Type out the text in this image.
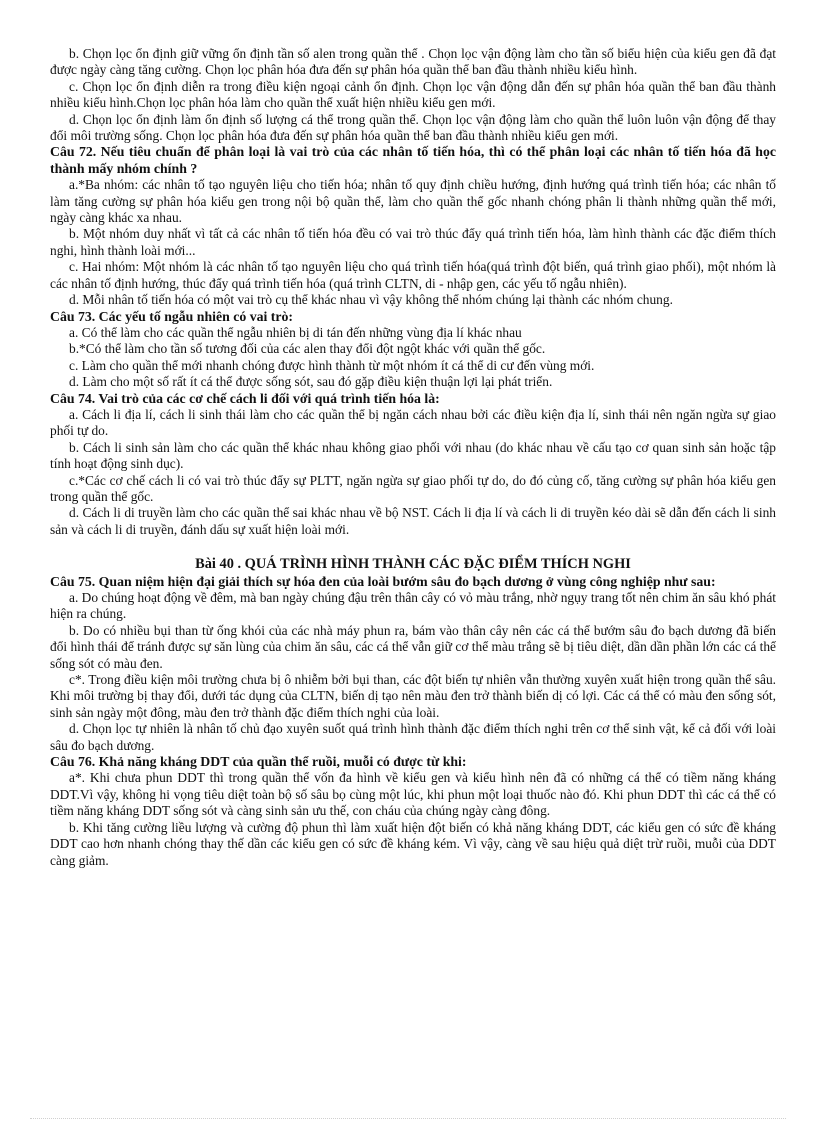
b. Chọn lọc ổn định giữ vững ổn định tần số alen trong quần thể . Chọn lọc vận động làm cho tần số biểu hiện của kiểu gen đã đạt được ngày càng tăng cường. Chọn lọc phân hóa đưa đến sự phân hóa quần thể ban đầu thành nhiều kiểu hình.

c. Chọn lọc ổn định diễn ra trong điều kiện ngoại cảnh ổn định. Chọn lọc vận động dẫn đến sự phân hóa quần thể ban đầu thành nhiều kiểu hình.Chọn lọc phân hóa làm cho quần thể xuất hiện nhiều kiểu gen mới.

d. Chọn lọc ổn định làm ổn định số lượng cá thể trong quần thể. Chọn lọc vận động làm cho quần thể luôn luôn vận động để thay đổi môi trường sống. Chọn lọc phân hóa đưa đến sự phân hóa quần thể ban đầu thành nhiều kiểu gen mới.

Câu 72. Nếu tiêu chuẩn để phân loại là vai trò của các nhân tố tiến hóa, thì có thể phân loại các nhân tố tiến hóa đã học thành mấy nhóm chính ?

a.*Ba nhóm: các nhân tố tạo nguyên liệu cho tiến hóa; nhân tố quy định chiều hướng, định hướng quá trình tiến hóa; các nhân tố làm tăng cường sự phân hóa kiểu gen trong nội bộ quần thể, làm cho quần thể gốc nhanh chóng phân li thành những quần thể mới, ngày càng khác xa nhau.

b. Một nhóm duy nhất vì tất cả các nhân tố tiến hóa đều có vai trò thúc đẩy quá trình tiến hóa, làm hình thành các đặc điểm thích nghi, hình thành loài mới...

c. Hai nhóm: Một nhóm là các nhân tố tạo nguyên liệu cho quá trình tiến hóa(quá trình đột biến, quá trình giao phối), một nhóm là các nhân tố định hướng, thúc đẩy quá trình tiến hóa (quá trình CLTN, di - nhập gen, các yếu tố ngẫu nhiên).

d. Mỗi nhân tố tiến hóa có một vai trò cụ thể khác nhau vì vậy không thể nhóm chúng lại thành các nhóm chung.

Câu 73. Các yếu tố ngẫu nhiên có vai trò:

a. Có thể làm cho các quần thể ngẫu nhiên bị di tán đến những vùng địa lí khác nhau

b.*Có thể làm cho tần số tương đối của các alen thay đổi đột ngột khác với quần thể gốc.

c. Làm cho quần thể mới nhanh chóng được hình thành từ một nhóm ít cá thể di cư đến vùng mới.

d. Làm cho một số rất ít cá thể được sống sót, sau đó gặp điều kiện thuận lợi lại phát triển.

Câu 74. Vai trò của các cơ chế cách li đối với quá trình tiến hóa là:

a. Cách li địa lí, cách li sinh thái làm cho các quần thể bị ngăn cách nhau bởi các điều kiện địa lí, sinh thái nên ngăn ngừa sự giao phối tự do.

b. Cách li sinh sản làm cho các quần thể khác nhau không giao phối với nhau (do khác nhau về cấu tạo cơ quan sinh sản hoặc tập tính hoạt động sinh dục).

c.*Các cơ chế cách li có vai trò thúc đẩy sự PLTT, ngăn ngừa sự giao phối tự do, do đó củng cố, tăng cường sự phân hóa kiểu gen trong quần thể gốc.

d. Cách li di truyền làm cho các quần thể sai khác nhau về bộ NST. Cách li địa lí và cách li di truyền kéo dài sẽ dẫn đến cách li sinh sản và cách li di truyền, đánh dấu sự xuất hiện loài mới.

Bài 40 . QUÁ TRÌNH HÌNH THÀNH CÁC ĐẶC ĐIỂM THÍCH NGHI

Câu 75. Quan niệm hiện đại giải thích sự hóa đen của loài bướm sâu đo bạch dương ở vùng công nghiệp như sau:

a. Do chúng hoạt động về đêm, mà ban ngày chúng đậu trên thân cây có vỏ màu trắng, nhờ ngụy trang tốt nên chim ăn sâu khó phát hiện ra chúng.

b. Do có nhiều bụi than từ ống khói của các nhà máy phun ra, bám vào thân cây nên các cá thể bướm sâu đo bạch dương đã biến đổi hình thái để tránh được sự săn lùng của chim ăn sâu, các cá thể vẫn giữ cơ thể màu trắng sẽ bị tiêu diệt, dần dần phần lớn các cá thể sống sót có màu đen.

c*. Trong điều kiện môi trường chưa bị ô nhiễm bởi bụi than, các đột biến tự nhiên vẫn thường xuyên xuất hiện trong quần thể sâu. Khi môi trường bị thay đổi, dưới tác dụng của CLTN, biến dị tạo nên màu đen trở thành biến dị có lợi. Các cá thể có màu đen sống sót, sinh sản ngày một đông, màu đen trở thành đặc điểm thích nghi của loài.

d. Chọn lọc tự nhiên là nhân tố chủ đạo xuyên suốt quá trình hình thành đặc điểm thích nghi trên cơ thể sinh vật, kể cả đối với loài sâu đo bạch dương.

Câu 76. Khả năng kháng DDT của quần thể ruồi, muỗi có được từ khi:

a*. Khi chưa phun DDT thì trong quần thể vốn đa hình về kiểu gen và kiểu hình nên đã có những cá thể có tiềm năng kháng DDT.Vì vậy, không hi vọng tiêu diệt toàn bộ số sâu bọ cùng một lúc, khi phun một loại thuốc nào đó. Khi phun DDT thì các cá thể có tiềm năng kháng DDT sống sót và càng sinh sản ưu thế, con cháu của chúng ngày càng đông.

b. Khi tăng cường liều lượng và cường độ phun thì làm xuất hiện đột biến có khả năng kháng DDT, các kiểu gen có sức đề kháng DDT cao hơn nhanh chóng thay thế dần các kiểu gen có sức đề kháng kém. Vì vậy, càng về sau hiệu quả diệt trừ ruồi, muỗi của DDT càng giảm.
